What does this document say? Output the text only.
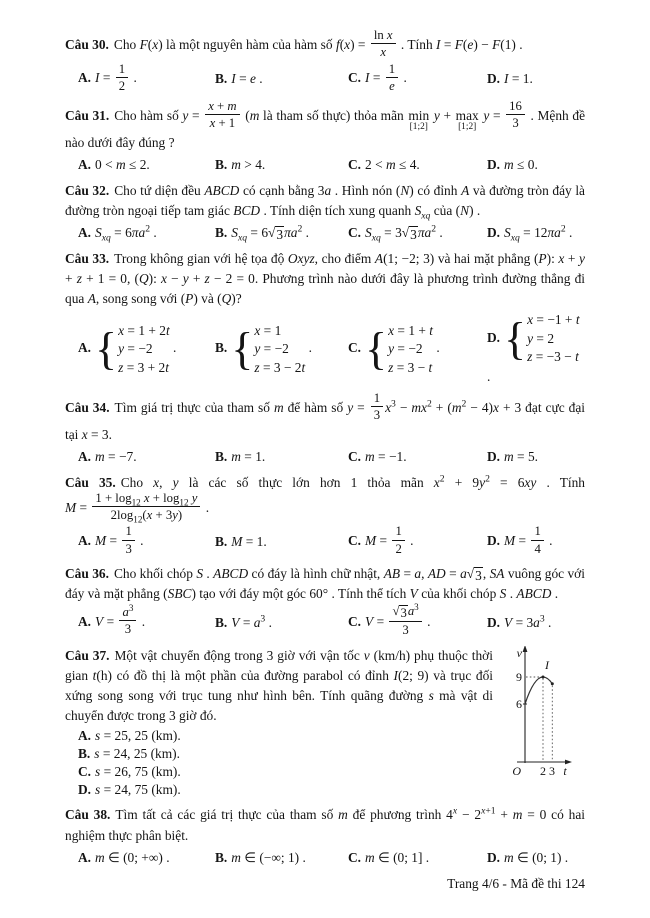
Câu 30. Cho F(x) là một nguyên hàm của hàm số $f(x) = \frac{\text{ln x}}{x}$ . Tính I = F(e) − F(1) .

A. $I = \frac{1}{2}$ .	B. I = e .	C. $I = \frac{1}{e}$ .	D. I = 1.

Câu 31. Cho hàm số $y = \frac{x + m}{x + 1} (m$ là tham số thực) thỏa mãn min
[1;2]
y + max
[1;2]
$y = \frac{16}{3}$ . Mệnh đề nào dưới đây đúng ?

A. 0 < m ≤ 2.	B. m > 4.	C. 2 < m ≤ 4.	D. m ≤ 0.

Câu 32. Cho tứ diện đều ABCD có cạnh bằng 3a . Hình nón (N) có đỉnh A và đường tròn đáy là đường tròn ngoại tiếp tam giác BCD . Tính diện tích xung quanh $S_{xq}$ của (N) .

A. $S_{xq} = 6\pi a^2$ .	B. $S_{xq} = 6$ √ 3 $\pi a^2$ .	C. $S_{xq} = 3$ √ 3 $\pi a^2$ .	D. $S_{xq} = 12\pi a^2$ .

Câu 33. Trong không gian với hệ tọa độ Oxyz, cho điểm A(1; −2; 3) và hai mặt phẳng (P): x + y + z + 1 = 0, (Q): x − y + z − 2 = 0. Phương trình nào dưới đây là phương trình đường thẳng đi qua A, song song với (P) và (Q)?

A. { x = 1 + 2t
y = −2
z = 3 + 2t
.	B. { x = 1
y = −2
z = 3 − 2t
.	C. { x = 1 + t
y = −2
z = 3 − t
.
D. { x = −1 + t
y = 2
z = −3 − t
.

Câu 34. Tìm giá trị thực của tham số m để hàm số $y = \frac{1}{3} x^3 - mx^2 + (m^2 - 4)x + 3$ đạt cực đại tại x = 3.

A. m = −7.	B. m = 1.	C. m = −1.	D. m = 5.

Câu 35. Cho x, y là các số thực lớn hơn 1 thỏa mãn $x^2 + 9y^2 = 6xy$ . Tính

$M = \frac{1 + \log_{12} x + \log_{12} y}{2\log_{12}(x + 3y)}$ .

A. $M = \frac{1}{3}$ .	B. M = 1.	C. $M = \frac{1}{2}$ .	D. $M = \frac{1}{4}$ .

Câu 36. Cho khối chóp S . ABCD có đáy là hình chữ nhật, AB = a, AD = a √ 3 , SA vuông góc với đáy và mặt phẳng (SBC) tạo với đáy một góc 60° . Tính thể tích V của khối chóp S . ABCD .

A. $V = \frac{a^3}{3}$ .	B. $V = a^3$ .	C. $V = \frac{√ 3 a^3}{3}$ .	D. $V = 3a^3$ .
v
9
6
O 2 3 t
I

Câu 37. Một vật chuyển động trong 3 giờ với vận tốc v (km/h) phụ thuộc thời gian t(h) có đồ thị là một phần của đường parabol có đỉnh I(2; 9) và trục đối xứng song song với trục tung như hình bên. Tính quãng đường s mà vật di chuyển được trong 3 giờ đó.

A. s = 25, 25 (km).
B. s = 24, 25 (km).
C. s = 26, 75 (km).
D. s = 24, 75 (km).

Câu 38. Tìm tất cả các giá trị thực của tham số m để phương trình $4^x - 2^{x+1} + m = 0$ có hai nghiệm thực phân biệt.

A. m ∈ (0; +∞) .	B. m ∈ (−∞; 1) .	C. m ∈ (0; 1] .	D. m ∈ (0; 1) .

Trang 4/6 - Mã đề thi 124
